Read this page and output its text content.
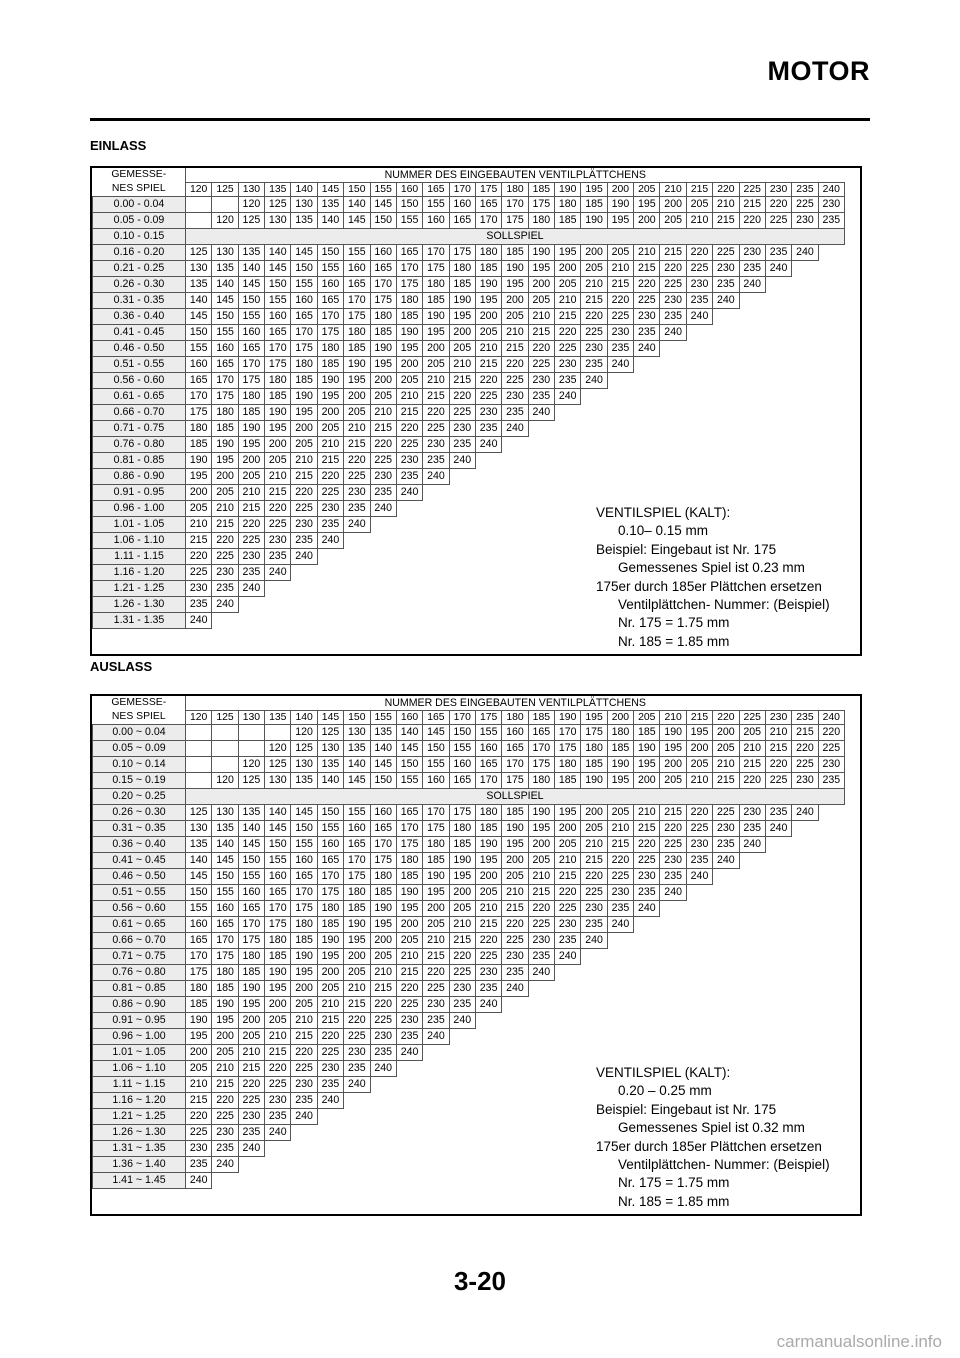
MOTOR
EINLASS
GEMESSE-
NES SPIEL	NUMMER DES EINGEBAUTEN VENTILPLÄTTCHENS																								
	120	125	130	135	140	145	150	155	160	165	170	175	180	185	190	195	200	205	210	215	220	225	230	235	240
0.00 - 0.04			120	125	130	135	140	145	150	155	160	165	170	175	180	185	190	195	200	205	210	215	220	225	230
0.05 - 0.09		120	125	130	135	140	145	150	155	160	165	170	175	180	185	190	195	200	205	210	215	220	225	230	235
0.10 - 0.15	SOLLSPIEL																								
0.16 - 0.20	125	130	135	140	145	150	155	160	165	170	175	180	185	190	195	200	205	210	215	220	225	230	235	240	
0.21 - 0.25	130	135	140	145	150	155	160	165	170	175	180	185	190	195	200	205	210	215	220	225	230	235	240		
0.26 - 0.30	135	140	145	150	155	160	165	170	175	180	185	190	195	200	205	210	215	220	225	230	235	240			
0.31 - 0.35	140	145	150	155	160	165	170	175	180	185	190	195	200	205	210	215	220	225	230	235	240				
0.36 - 0.40	145	150	155	160	165	170	175	180	185	190	195	200	205	210	215	220	225	230	235	240					
0.41 - 0.45	150	155	160	165	170	175	180	185	190	195	200	205	210	215	220	225	230	235	240						
0.46 - 0.50	155	160	165	170	175	180	185	190	195	200	205	210	215	220	225	230	235	240							
0.51 - 0.55	160	165	170	175	180	185	190	195	200	205	210	215	220	225	230	235	240								
0.56 - 0.60	165	170	175	180	185	190	195	200	205	210	215	220	225	230	235	240									
0.61 - 0.65	170	175	180	185	190	195	200	205	210	215	220	225	230	235	240										
0.66 - 0.70	175	180	185	190	195	200	205	210	215	220	225	230	235	240											
0.71 - 0.75	180	185	190	195	200	205	210	215	220	225	230	235	240												
0.76 - 0.80	185	190	195	200	205	210	215	220	225	230	235	240													
0.81 - 0.85	190	195	200	205	210	215	220	225	230	235	240														
0.86 - 0.90	195	200	205	210	215	220	225	230	235	240															
0.91 - 0.95	200	205	210	215	220	225	230	235	240																
0.96 - 1.00	205	210	215	220	225	230	235	240																	
1.01 - 1.05	210	215	220	225	230	235	240																		
1.06 - 1.10	215	220	225	230	235	240																			
1.11 - 1.15	220	225	230	235	240																				
1.16 - 1.20	225	230	235	240																					
1.21 - 1.25	230	235	240																						
1.26 - 1.30	235	240																							
1.31 - 1.35	240																								
VENTILSPIEL (KALT):
0.10– 0.15 mm
Beispiel: Eingebaut ist Nr. 175
Gemessenes Spiel ist 0.23 mm
175er durch 185er Plättchen ersetzen
Ventilplättchen- Nummer: (Beispiel)
Nr. 175 = 1.75 mm
Nr. 185 = 1.85 mm
AUSLASS
GEMESSE-
NES SPIEL	NUMMER DES EINGEBAUTEN VENTILPLÄTTCHENS																								
	120	125	130	135	140	145	150	155	160	165	170	175	180	185	190	195	200	205	210	215	220	225	230	235	240
0.00 ~ 0.04					120	125	130	135	140	145	150	155	160	165	170	175	180	185	190	195	200	205	210	215	220
0.05 ~ 0.09				120	125	130	135	140	145	150	155	160	165	170	175	180	185	190	195	200	205	210	215	220	225
0.10 ~ 0.14			120	125	130	135	140	145	150	155	160	165	170	175	180	185	190	195	200	205	210	215	220	225	230
0.15 ~ 0.19		120	125	130	135	140	145	150	155	160	165	170	175	180	185	190	195	200	205	210	215	220	225	230	235
0.20 ~ 0.25	SOLLSPIEL																								
0.26 ~ 0.30	125	130	135	140	145	150	155	160	165	170	175	180	185	190	195	200	205	210	215	220	225	230	235	240	
0.31 ~ 0.35	130	135	140	145	150	155	160	165	170	175	180	185	190	195	200	205	210	215	220	225	230	235	240		
0.36 ~ 0.40	135	140	145	150	155	160	165	170	175	180	185	190	195	200	205	210	215	220	225	230	235	240			
0.41 ~ 0.45	140	145	150	155	160	165	170	175	180	185	190	195	200	205	210	215	220	225	230	235	240				
0.46 ~ 0.50	145	150	155	160	165	170	175	180	185	190	195	200	205	210	215	220	225	230	235	240					
0.51 ~ 0.55	150	155	160	165	170	175	180	185	190	195	200	205	210	215	220	225	230	235	240						
0.56 ~ 0.60	155	160	165	170	175	180	185	190	195	200	205	210	215	220	225	230	235	240							
0.61 ~ 0.65	160	165	170	175	180	185	190	195	200	205	210	215	220	225	230	235	240								
0.66 ~ 0.70	165	170	175	180	185	190	195	200	205	210	215	220	225	230	235	240									
0.71 ~ 0.75	170	175	180	185	190	195	200	205	210	215	220	225	230	235	240										
0.76 ~ 0.80	175	180	185	190	195	200	205	210	215	220	225	230	235	240											
0.81 ~ 0.85	180	185	190	195	200	205	210	215	220	225	230	235	240												
0.86 ~ 0.90	185	190	195	200	205	210	215	220	225	230	235	240													
0.91 ~ 0.95	190	195	200	205	210	215	220	225	230	235	240														
0.96 ~ 1.00	195	200	205	210	215	220	225	230	235	240															
1.01 ~ 1.05	200	205	210	215	220	225	230	235	240																
1.06 ~ 1.10	205	210	215	220	225	230	235	240																	
1.11 ~ 1.15	210	215	220	225	230	235	240																		
1.16 ~ 1.20	215	220	225	230	235	240																			
1.21 ~ 1.25	220	225	230	235	240																				
1.26 ~ 1.30	225	230	235	240																					
1.31 ~ 1.35	230	235	240																						
1.36 ~ 1.40	235	240																							
1.41 ~ 1.45	240																								
VENTILSPIEL (KALT):
0.20 – 0.25 mm
Beispiel: Eingebaut ist Nr. 175
Gemessenes Spiel ist 0.32 mm
175er durch 185er Plättchen ersetzen
Ventilplättchen- Nummer: (Beispiel)
Nr. 175 = 1.75 mm
Nr. 185 = 1.85 mm
3-20
carmanualsonline.info
